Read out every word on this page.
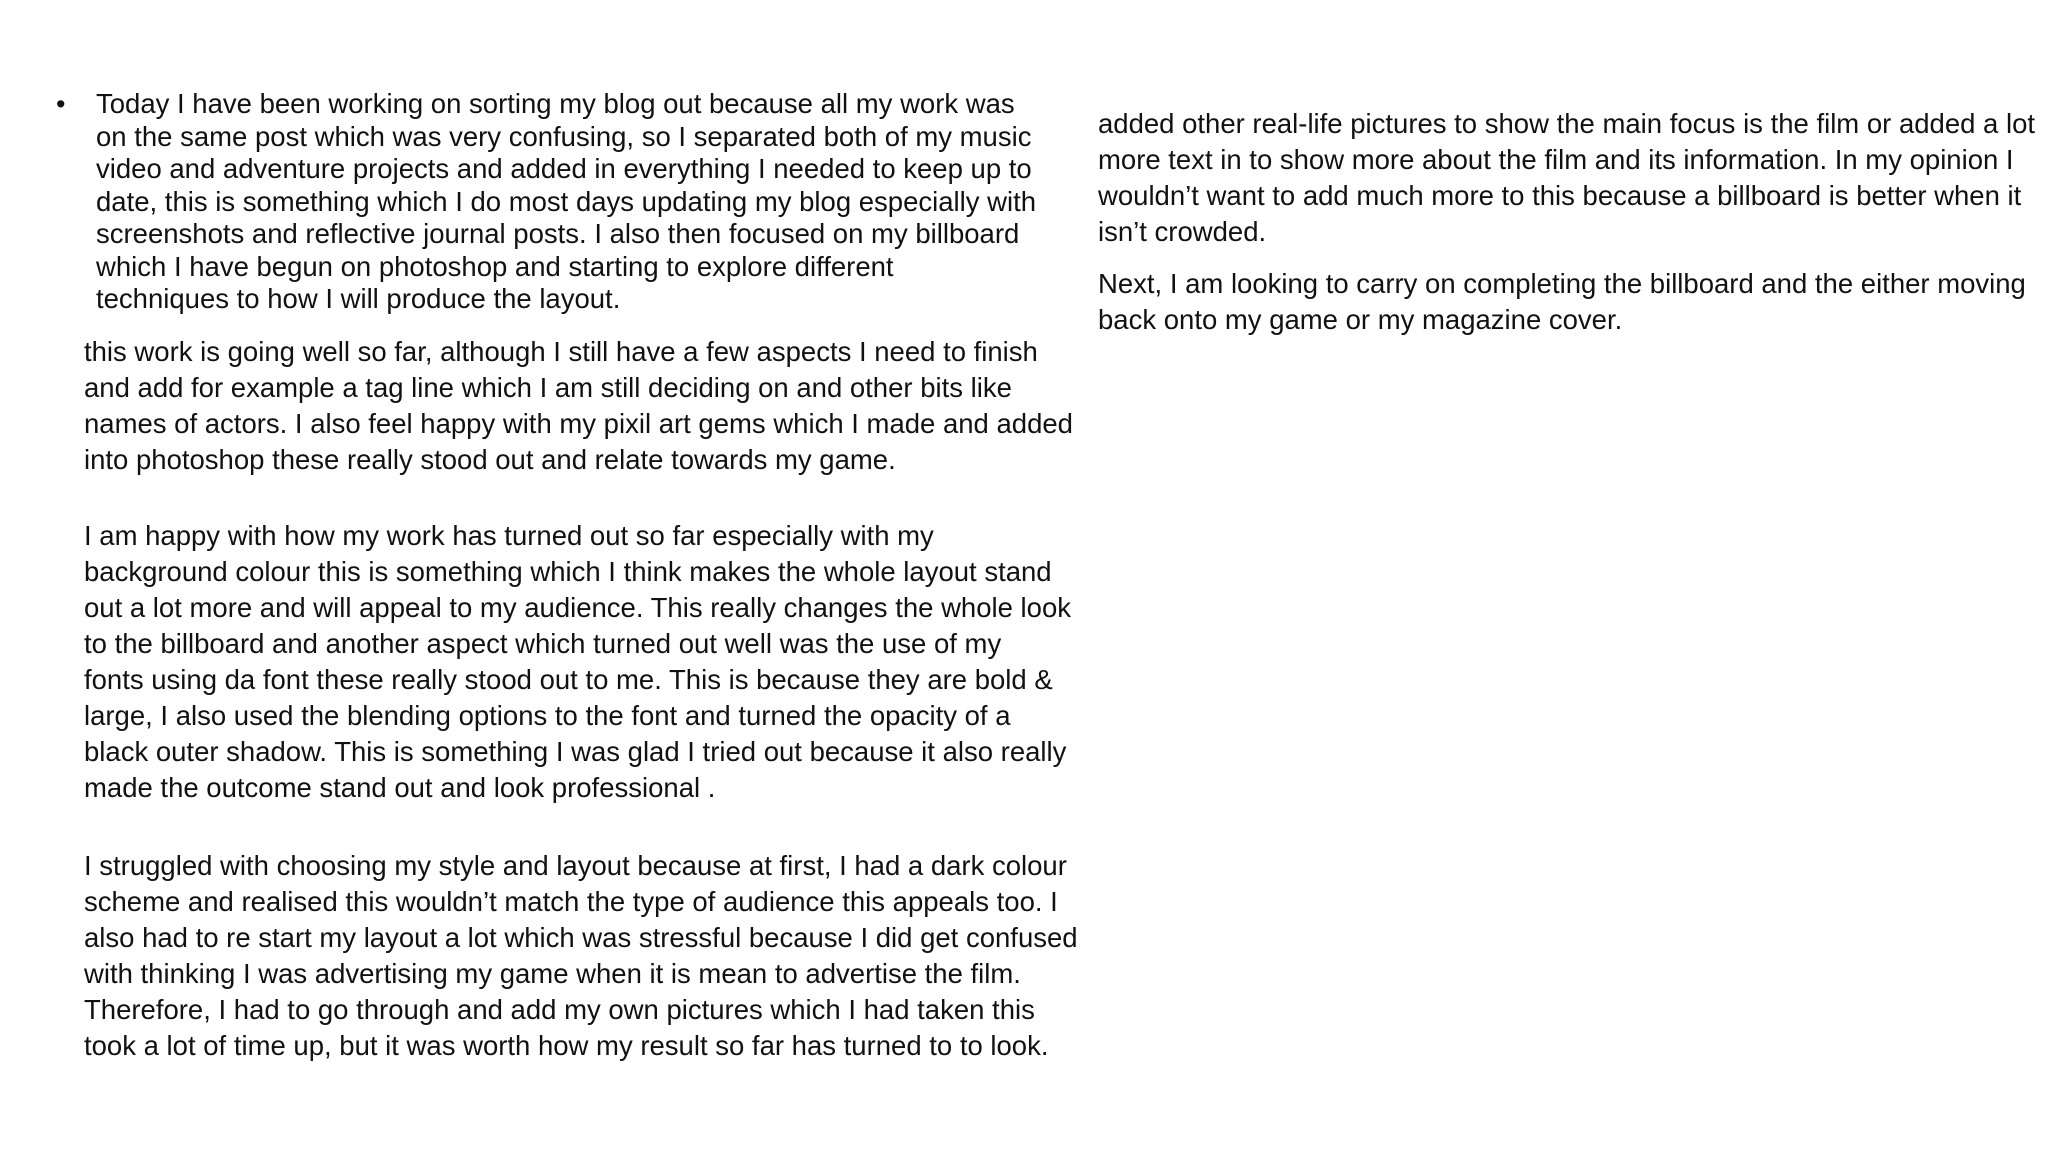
•	Today I have been working on sorting my blog out because all my work was
on the same post which was very confusing, so I separated both of my music
video and adventure projects and added in everything I needed to keep up to
date, this is something which I do most days updating my blog especially with
screenshots and reflective journal posts. I also then focused on my billboard
which I have begun on photoshop and starting to explore different
techniques to how I will produce the layout.
this work is going well so far, although I still have a few aspects I need to finish
and add for example a tag line which I am still deciding on and other bits like
names of actors. I also feel happy with my pixil art gems which I made and added
into photoshop these really stood out and relate towards my game.
I am happy with how my work has turned out so far especially with my
background colour this is something which I think makes the whole layout stand
out a lot more and will appeal to my audience. This really changes the whole look
to the billboard and another aspect which turned out well was the use of my
fonts using da font these really stood out to me. This is because they are bold &
large, I also used the blending options to the font and turned the opacity of a
black outer shadow. This is something I was glad I tried out because it also really
made the outcome stand out and look professional .
I struggled with choosing my style and layout because at first, I had a dark colour
scheme and realised this wouldn’t match the type of audience this appeals too. I
also had to re start my layout a lot which was stressful because I did get confused
with thinking I was advertising my game when it is mean to advertise the film.
Therefore, I had to go through and add my own pictures which I had taken this
took a lot of time up, but it was worth how my result so far has turned to to look.
added other real-life pictures to show the main focus is the film or added a lot
more text in to show more about the film and its information. In my opinion I
wouldn’t want to add much more to this because a billboard is better when it
isn’t crowded.
Next, I am looking to carry on completing the billboard and the either moving
back onto my game or my magazine cover.
